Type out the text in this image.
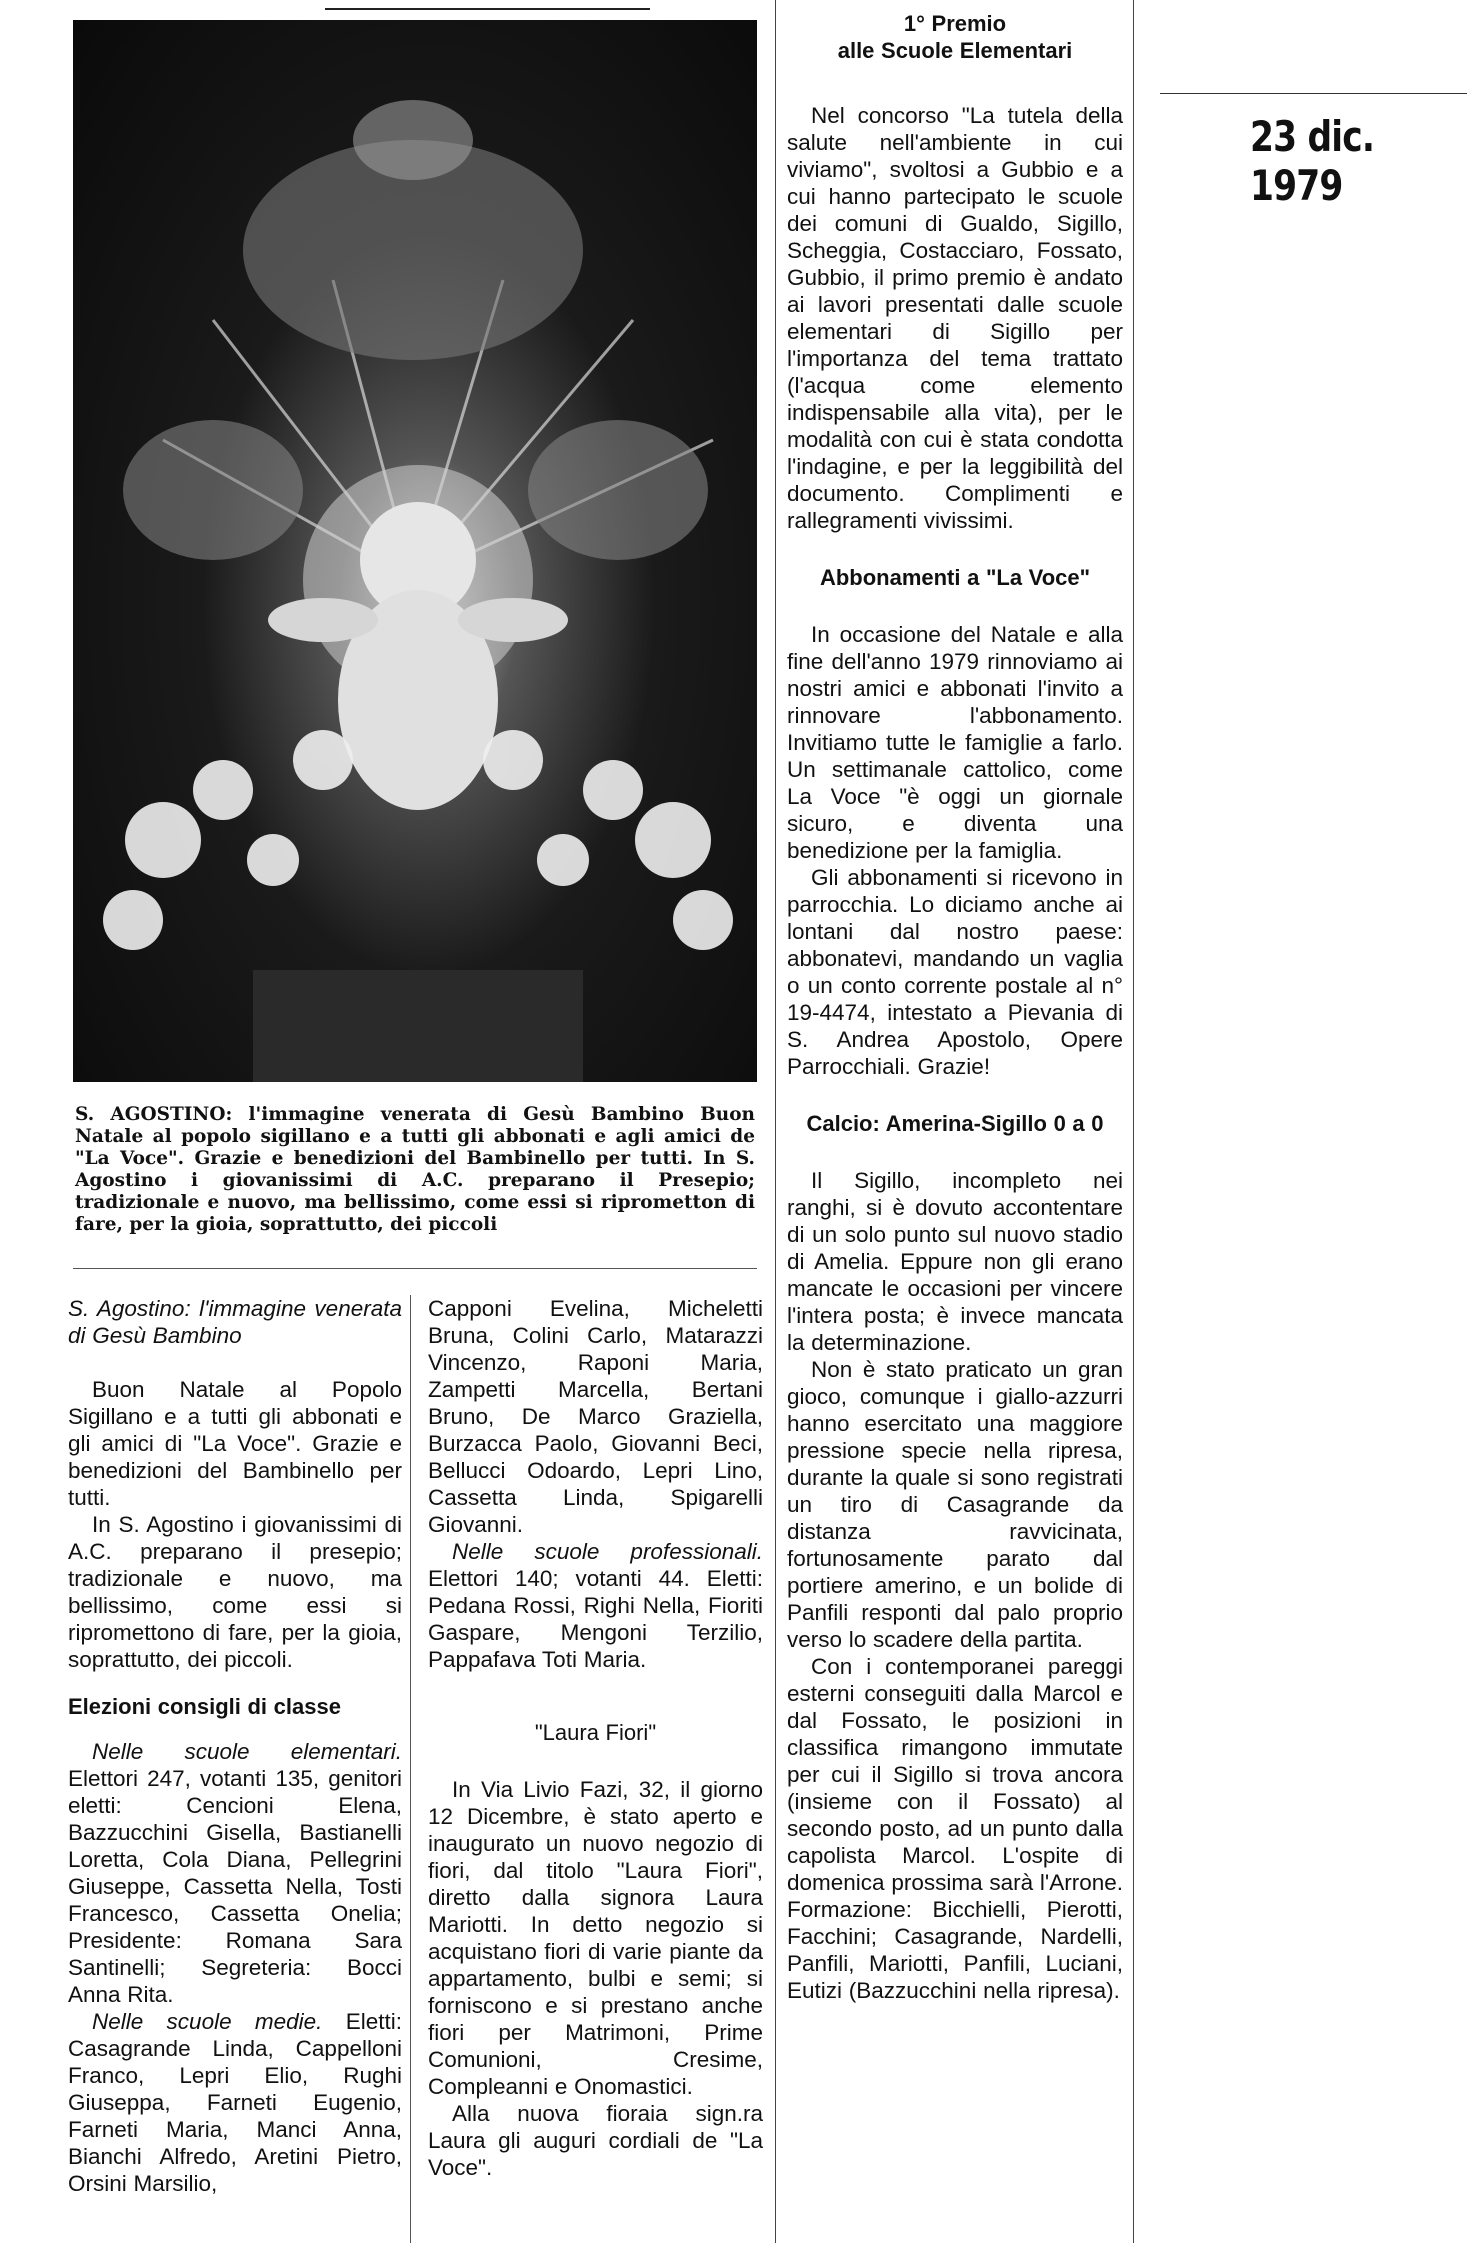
S. AGOSTINO: l'immagine venerata di Gesù Bambino Buon Natale al popolo sigillano e a tutti gli abbonati e agli amici de "La Voce". Grazie e benedizioni del Bambinello per tutti. In S. Agostino i giovanissimi di A.C. preparano il Presepio; tradizionale e nuovo, ma bellissimo, come essi si riprometton di fare, per la gioia, soprattutto, dei piccoli
23 dic. 1979

S. Agostino: l'immagine venerata di Gesù Bambino

Buon Natale al Popolo Sigillano e a tutti gli abbonati e gli amici di "La Voce". Grazie e benedizioni del Bambinello per tutti.

In S. Agostino i giovanissimi di A.C. preparano il presepio; tradizionale e nuovo, ma bellissimo, come essi si ripromettono di fare, per la gioia, soprattutto, dei piccoli.

Elezioni consigli di classe

Nelle scuole elementari. Elettori 247, votanti 135, genitori eletti: Cencioni Elena, Bazzucchini Gisella, Bastianelli Loretta, Cola Diana, Pellegrini Giuseppe, Cassetta Nella, Tosti Francesco, Cassetta Onelia; Presidente: Romana Sara Santinelli; Segreteria: Bocci Anna Rita.

Nelle scuole medie. Eletti: Casagrande Linda, Cappelloni Franco, Lepri Elio, Rughi Giuseppa, Farneti Eugenio, Farneti Maria, Manci Anna, Bianchi Alfredo, Aretini Pietro, Orsini Marsilio,

Capponi Evelina, Micheletti Bruna, Colini Carlo, Matarazzi Vincenzo, Raponi Maria, Zampetti Marcella, Bertani Bruno, De Marco Graziella, Burzacca Paolo, Giovanni Beci, Bellucci Odoardo, Lepri Lino, Cassetta Linda, Spigarelli Giovanni.

Nelle scuole professionali. Elettori 140; votanti 44. Eletti: Pedana Rossi, Righi Nella, Fioriti Gaspare, Mengoni Terzilio, Pappafava Toti Maria.

"Laura Fiori"

In Via Livio Fazi, 32, il giorno 12 Dicembre, è stato aperto e inaugurato un nuovo negozio di fiori, dal titolo "Laura Fiori", diretto dalla signora Laura Mariotti. In detto negozio si acquistano fiori di varie piante da appartamento, bulbi e semi; si forniscono e si prestano anche fiori per Matrimoni, Prime Comunioni, Cresime, Compleanni e Onomastici.

Alla nuova fioraia sign.ra Laura gli auguri cordiali de "La Voce".

1° Premio

alle Scuole Elementari

Nel concorso "La tutela della salute nell'ambiente in cui viviamo", svoltosi a Gubbio e a cui hanno partecipato le scuole dei comuni di Gualdo, Sigillo, Scheggia, Costacciaro, Fossato, Gubbio, il primo premio è andato ai lavori presentati dalle scuole elementari di Sigillo per l'importanza del tema trattato (l'acqua come elemento indispensabile alla vita), per le modalità con cui è stata condotta l'indagine, e per la leggibilità del documento. Complimenti e rallegramenti vivissimi.

Abbonamenti a "La Voce"

In occasione del Natale e alla fine dell'anno 1979 rinnoviamo ai nostri amici e abbonati l'invito a rinnovare l'abbonamento. Invitiamo tutte le famiglie a farlo. Un settimanale cattolico, come La Voce "è oggi un giornale sicuro, e diventa una benedizione per la famiglia.

Gli abbonamenti si ricevono in parrocchia. Lo diciamo anche ai lontani dal nostro paese: abbonatevi, mandando un vaglia o un conto corrente postale al n° 19-4474, intestato a Pievania di S. Andrea Apostolo, Opere Parrocchiali. Grazie!

Calcio: Amerina-Sigillo 0 a 0

Il Sigillo, incompleto nei ranghi, si è dovuto accontentare di un solo punto sul nuovo stadio di Amelia. Eppure non gli erano mancate le occasioni per vincere l'intera posta; è invece mancata la determinazione.

Non è stato praticato un gran gioco, comunque i giallo-azzurri hanno esercitato una maggiore pressione specie nella ripresa, durante la quale si sono registrati un tiro di Casagrande da distanza ravvicinata, fortunosamente parato dal portiere amerino, e un bolide di Panfili responti dal palo proprio verso lo scadere della partita.

Con i contemporanei pareggi esterni conseguiti dalla Marcol e dal Fossato, le posizioni in classifica rimangono immutate per cui il Sigillo si trova ancora (insieme con il Fossato) al secondo posto, ad un punto dalla capolista Marcol. L'ospite di domenica prossima sarà l'Arrone. Formazione: Bicchielli, Pierotti, Facchini; Casagrande, Nardelli, Panfili, Mariotti, Panfili, Luciani, Eutizi (Bazzucchini nella ripresa).
